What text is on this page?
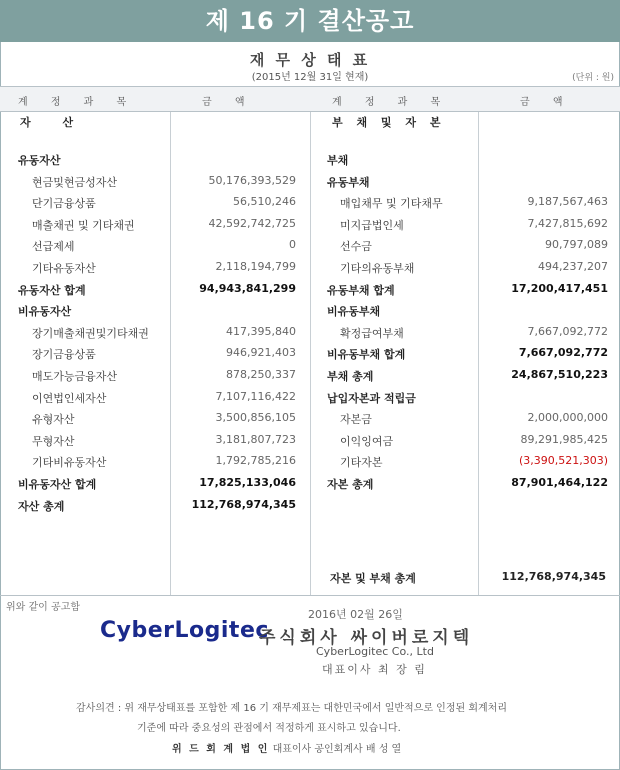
제 16 기 결산공고
재 무 상 태 표
(2015년 12월 31일 현재)	(단위 : 원)
계 정 과 목	금 액	계 정 과 목	금 액
자 산	부 채 및 자 본
유동자산
현금및현금성자산	50,176,393,529
단기금융상품	56,510,246
매출채권 및 기타채권	42,592,742,725
선급제세	0
기타유동자산	2,118,194,799
유동자산 합계	94,943,841,299
비유동자산
장기매출채권및기타채권	417,395,840
장기금융상품	946,921,403
매도가능금융자산	878,250,337
이연법인세자산	7,107,116,422
유형자산	3,500,856,105
무형자산	3,181,807,723
기타비유동자산	1,792,785,216
비유동자산 합계	17,825,133,046
자산 총계	112,768,974,345
부채
유동부채
매입채무 및 기타채무	9,187,567,463
미지급법인세	7,427,815,692
선수금	90,797,089
기타의유동부채	494,237,207
유동부채 합계	17,200,417,451
비유동부채
확정급여부채	7,667,092,772
비유동부채 합계	7,667,092,772
부채 총계	24,867,510,223
납입자본과 적립금
자본금	2,000,000,000
이익잉여금	89,291,985,425
기타자본	(3,390,521,303)
자본 총계	87,901,464,122
자본 및 부채 총계	112,768,974,345
위와 같이 공고함
2016년 02월 26일
CyberLogitec
주식회사 싸이버로지텍
CyberLogitec Co., Ltd
대표이사 최 장 림
감사의견 : 위 재무상태표를 포함한 제 16 기 재무제표는 대한민국에서 일반적으로 인정된 회계처리
기준에 따라 중요성의 관점에서 적정하게 표시하고 있습니다.
위 드 회 계 법 인 대표이사 공인회계사 배 성 열
